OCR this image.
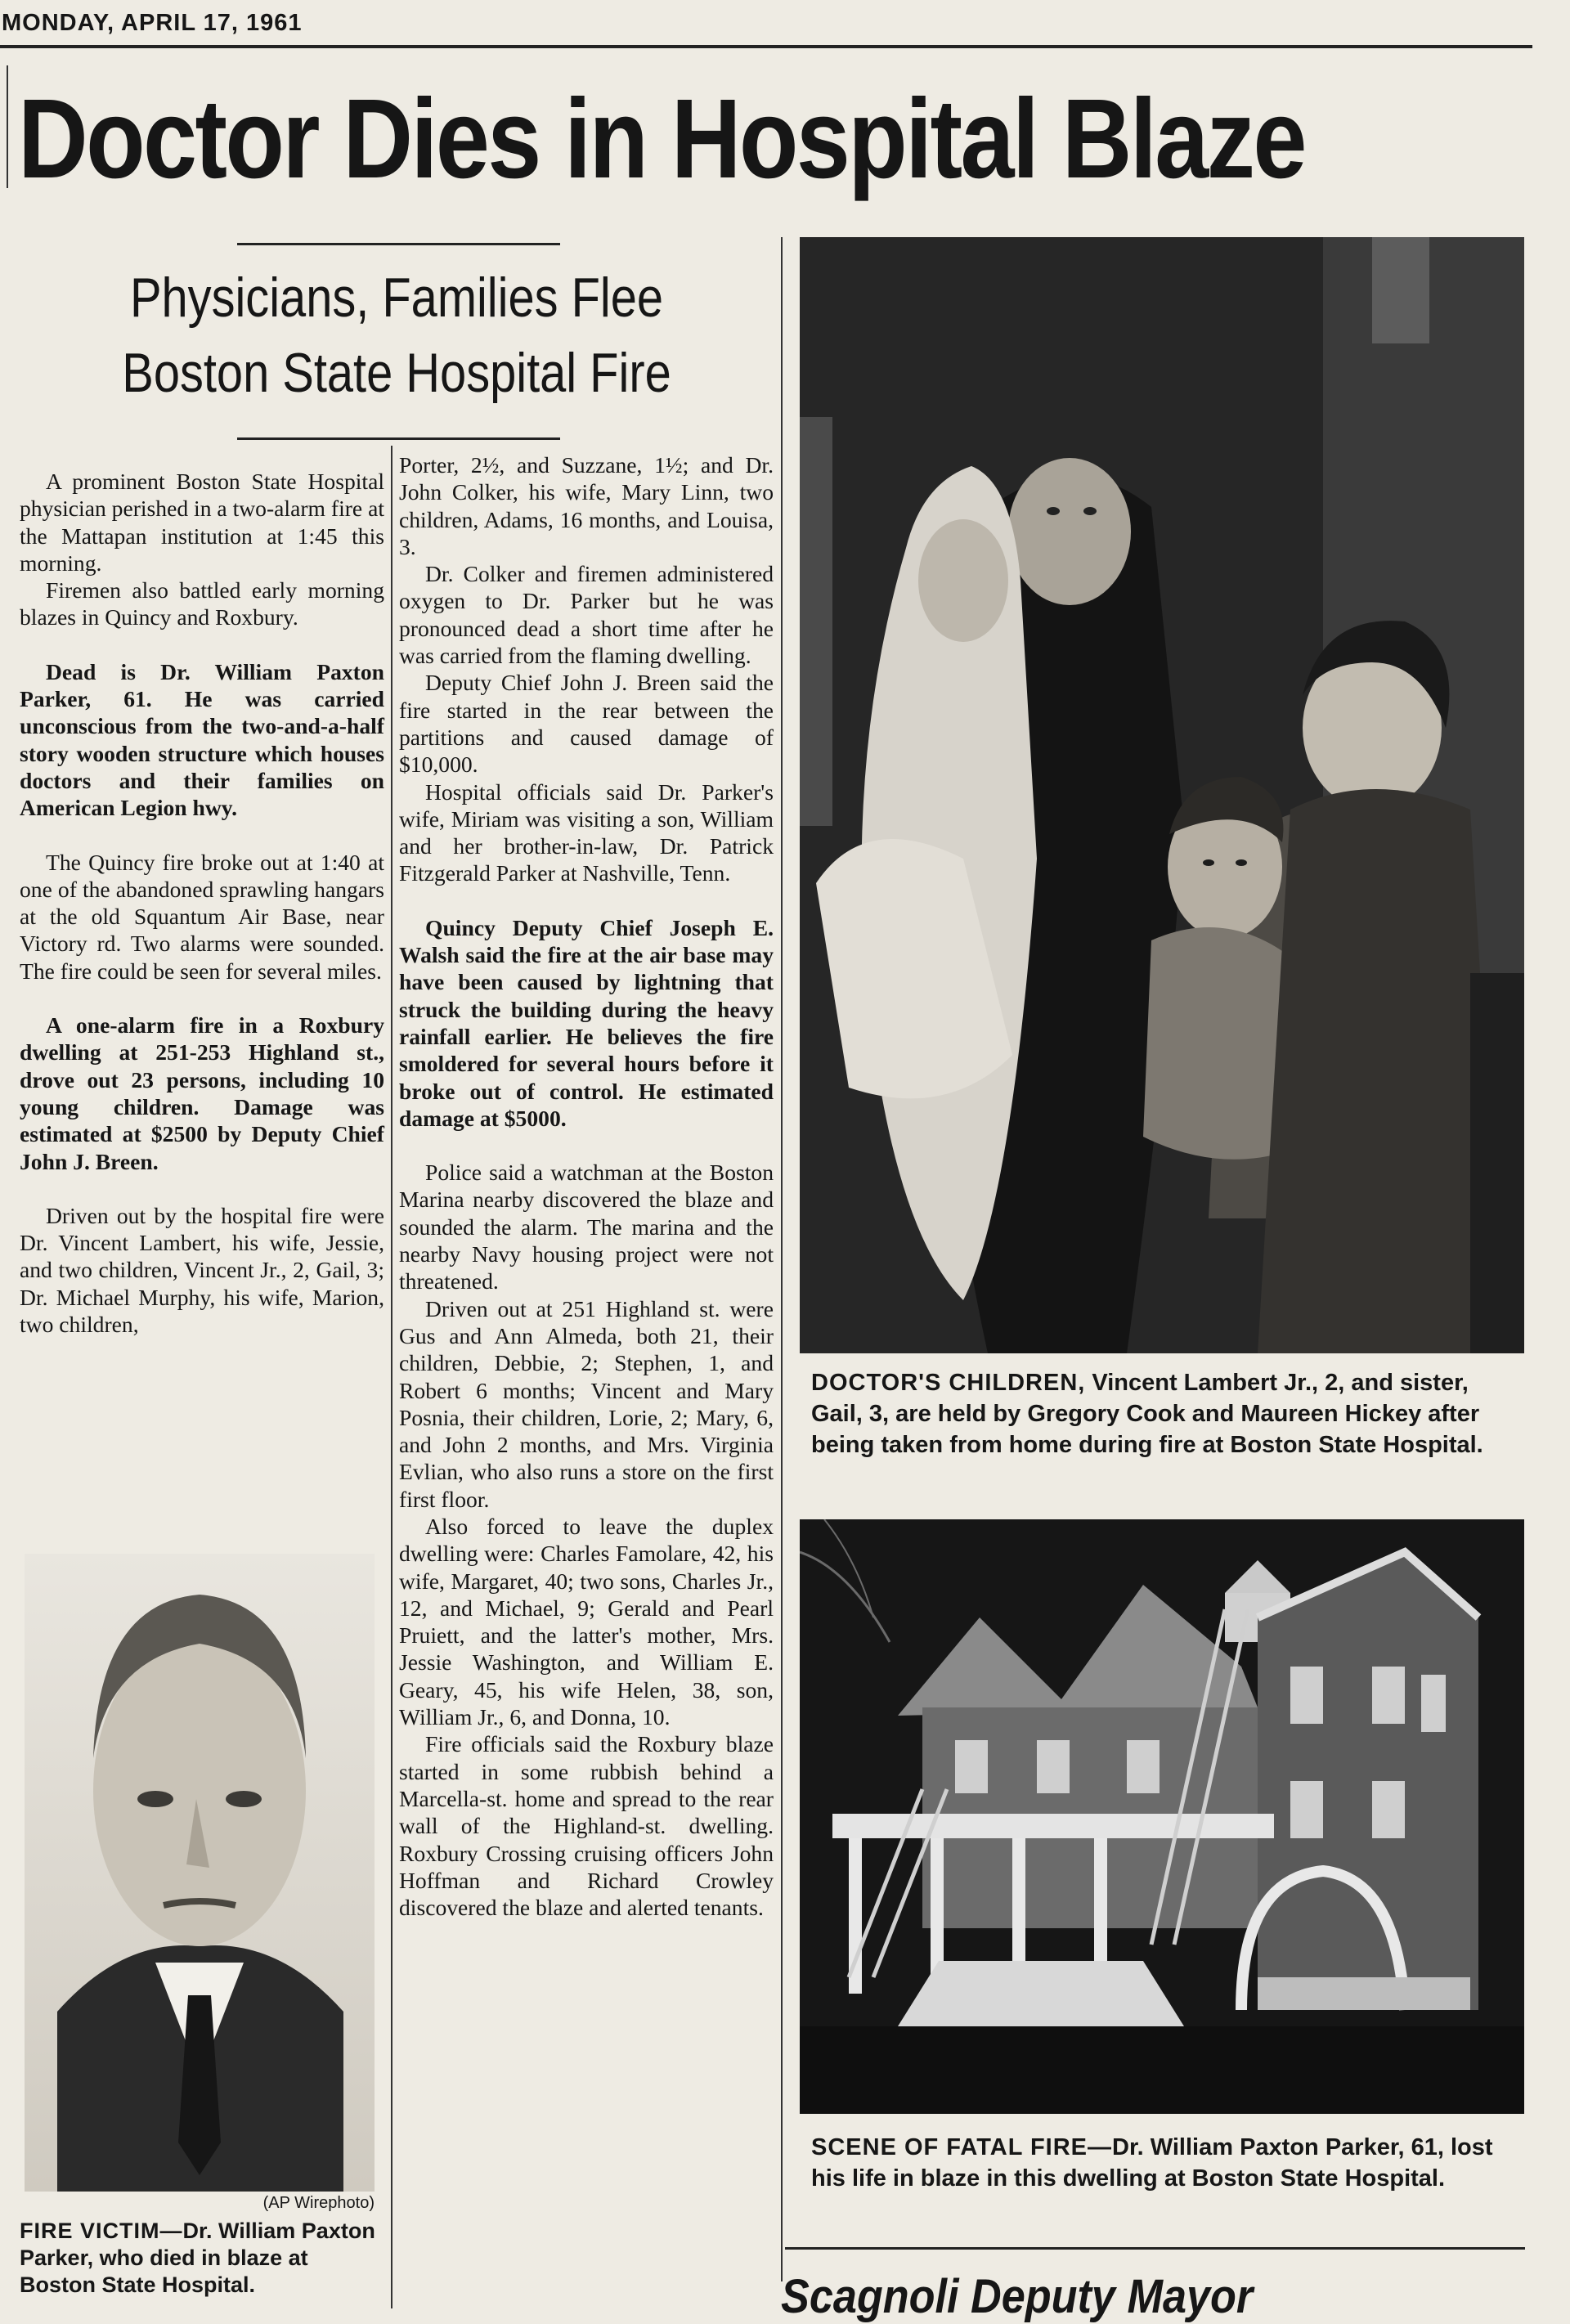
MONDAY, APRIL 17, 1961
Doctor Dies in Hospital Blaze
Physicians, Families Flee
Boston State Hospital Fire

A prominent Boston State Hospital physician perished in a two-alarm fire at the Mattapan institution at 1:45 this morning.

Firemen also battled early morning blazes in Quincy and Roxbury.

Dead is Dr. William Paxton Parker, 61. He was carried unconscious from the two-and-a-half story wooden structure which houses doctors and their families on American Legion hwy.

The Quincy fire broke out at 1:40 at one of the abandoned sprawling hangars at the old Squantum Air Base, near Victory rd. Two alarms were sounded. The fire could be seen for several miles.

A one-alarm fire in a Roxbury dwelling at 251-253 Highland st., drove out 23 persons, including 10 young children. Damage was estimated at $2500 by Deputy Chief John J. Breen.

Driven out by the hospital fire were Dr. Vincent Lambert, his wife, Jessie, and two children, Vincent Jr., 2, Gail, 3; Dr. Michael Murphy, his wife, Marion, two children,

(AP Wirephoto)
FIRE VICTIM—Dr. William Paxton Parker, who died in blaze at Boston State Hospital.

Porter, 2½, and Suzzane, 1½; and Dr. John Colker, his wife, Mary Linn, two children, Adams, 16 months, and Louisa, 3.

Dr. Colker and firemen administered oxygen to Dr. Parker but he was pronounced dead a short time after he was carried from the flaming dwelling.

Deputy Chief John J. Breen said the fire started in the rear between the partitions and caused damage of $10,000.

Hospital officials said Dr. Parker's wife, Miriam was visiting a son, William and her brother-in-law, Dr. Patrick Fitzgerald Parker at Nashville, Tenn.

Quincy Deputy Chief Joseph E. Walsh said the fire at the air base may have been caused by lightning that struck the building during the heavy rainfall earlier. He believes the fire smoldered for several hours before it broke out of control. He estimated damage at $5000.

Police said a watchman at the Boston Marina nearby discovered the blaze and sounded the alarm. The marina and the nearby Navy housing project were not threatened.

Driven out at 251 Highland st. were Gus and Ann Almeda, both 21, their children, Debbie, 2; Stephen, 1, and Robert 6 months; Vincent and Mary Posnia, their children, Lorie, 2; Mary, 6, and John 2 months, and Mrs. Virginia Evlian, who also runs a store on the first first floor.

Also forced to leave the duplex dwelling were: Charles Famolare, 42, his wife, Margaret, 40; two sons, Charles Jr., 12, and Michael, 9; Gerald and Pearl Pruiett, and the latter's mother, Mrs. Jessie Washington, and William E. Geary, 45, his wife Helen, 38, son, William Jr., 6, and Donna, 10.

Fire officials said the Roxbury blaze started in some rubbish behind a Marcella-st. home and spread to the rear wall of the Highland-st. dwelling. Roxbury Crossing cruising officers John Hoffman and Richard Crowley discovered the blaze and alerted tenants.

DOCTOR'S CHILDREN, Vincent Lambert Jr., 2, and sister, Gail, 3, are held by Gregory Cook and Maureen Hickey after being taken from home during fire at Boston State Hospital.
SCENE OF FATAL FIRE—Dr. William Paxton Parker, 61, lost his life in blaze in this dwelling at Boston State Hospital.
Scagnoli Deputy Mayor
